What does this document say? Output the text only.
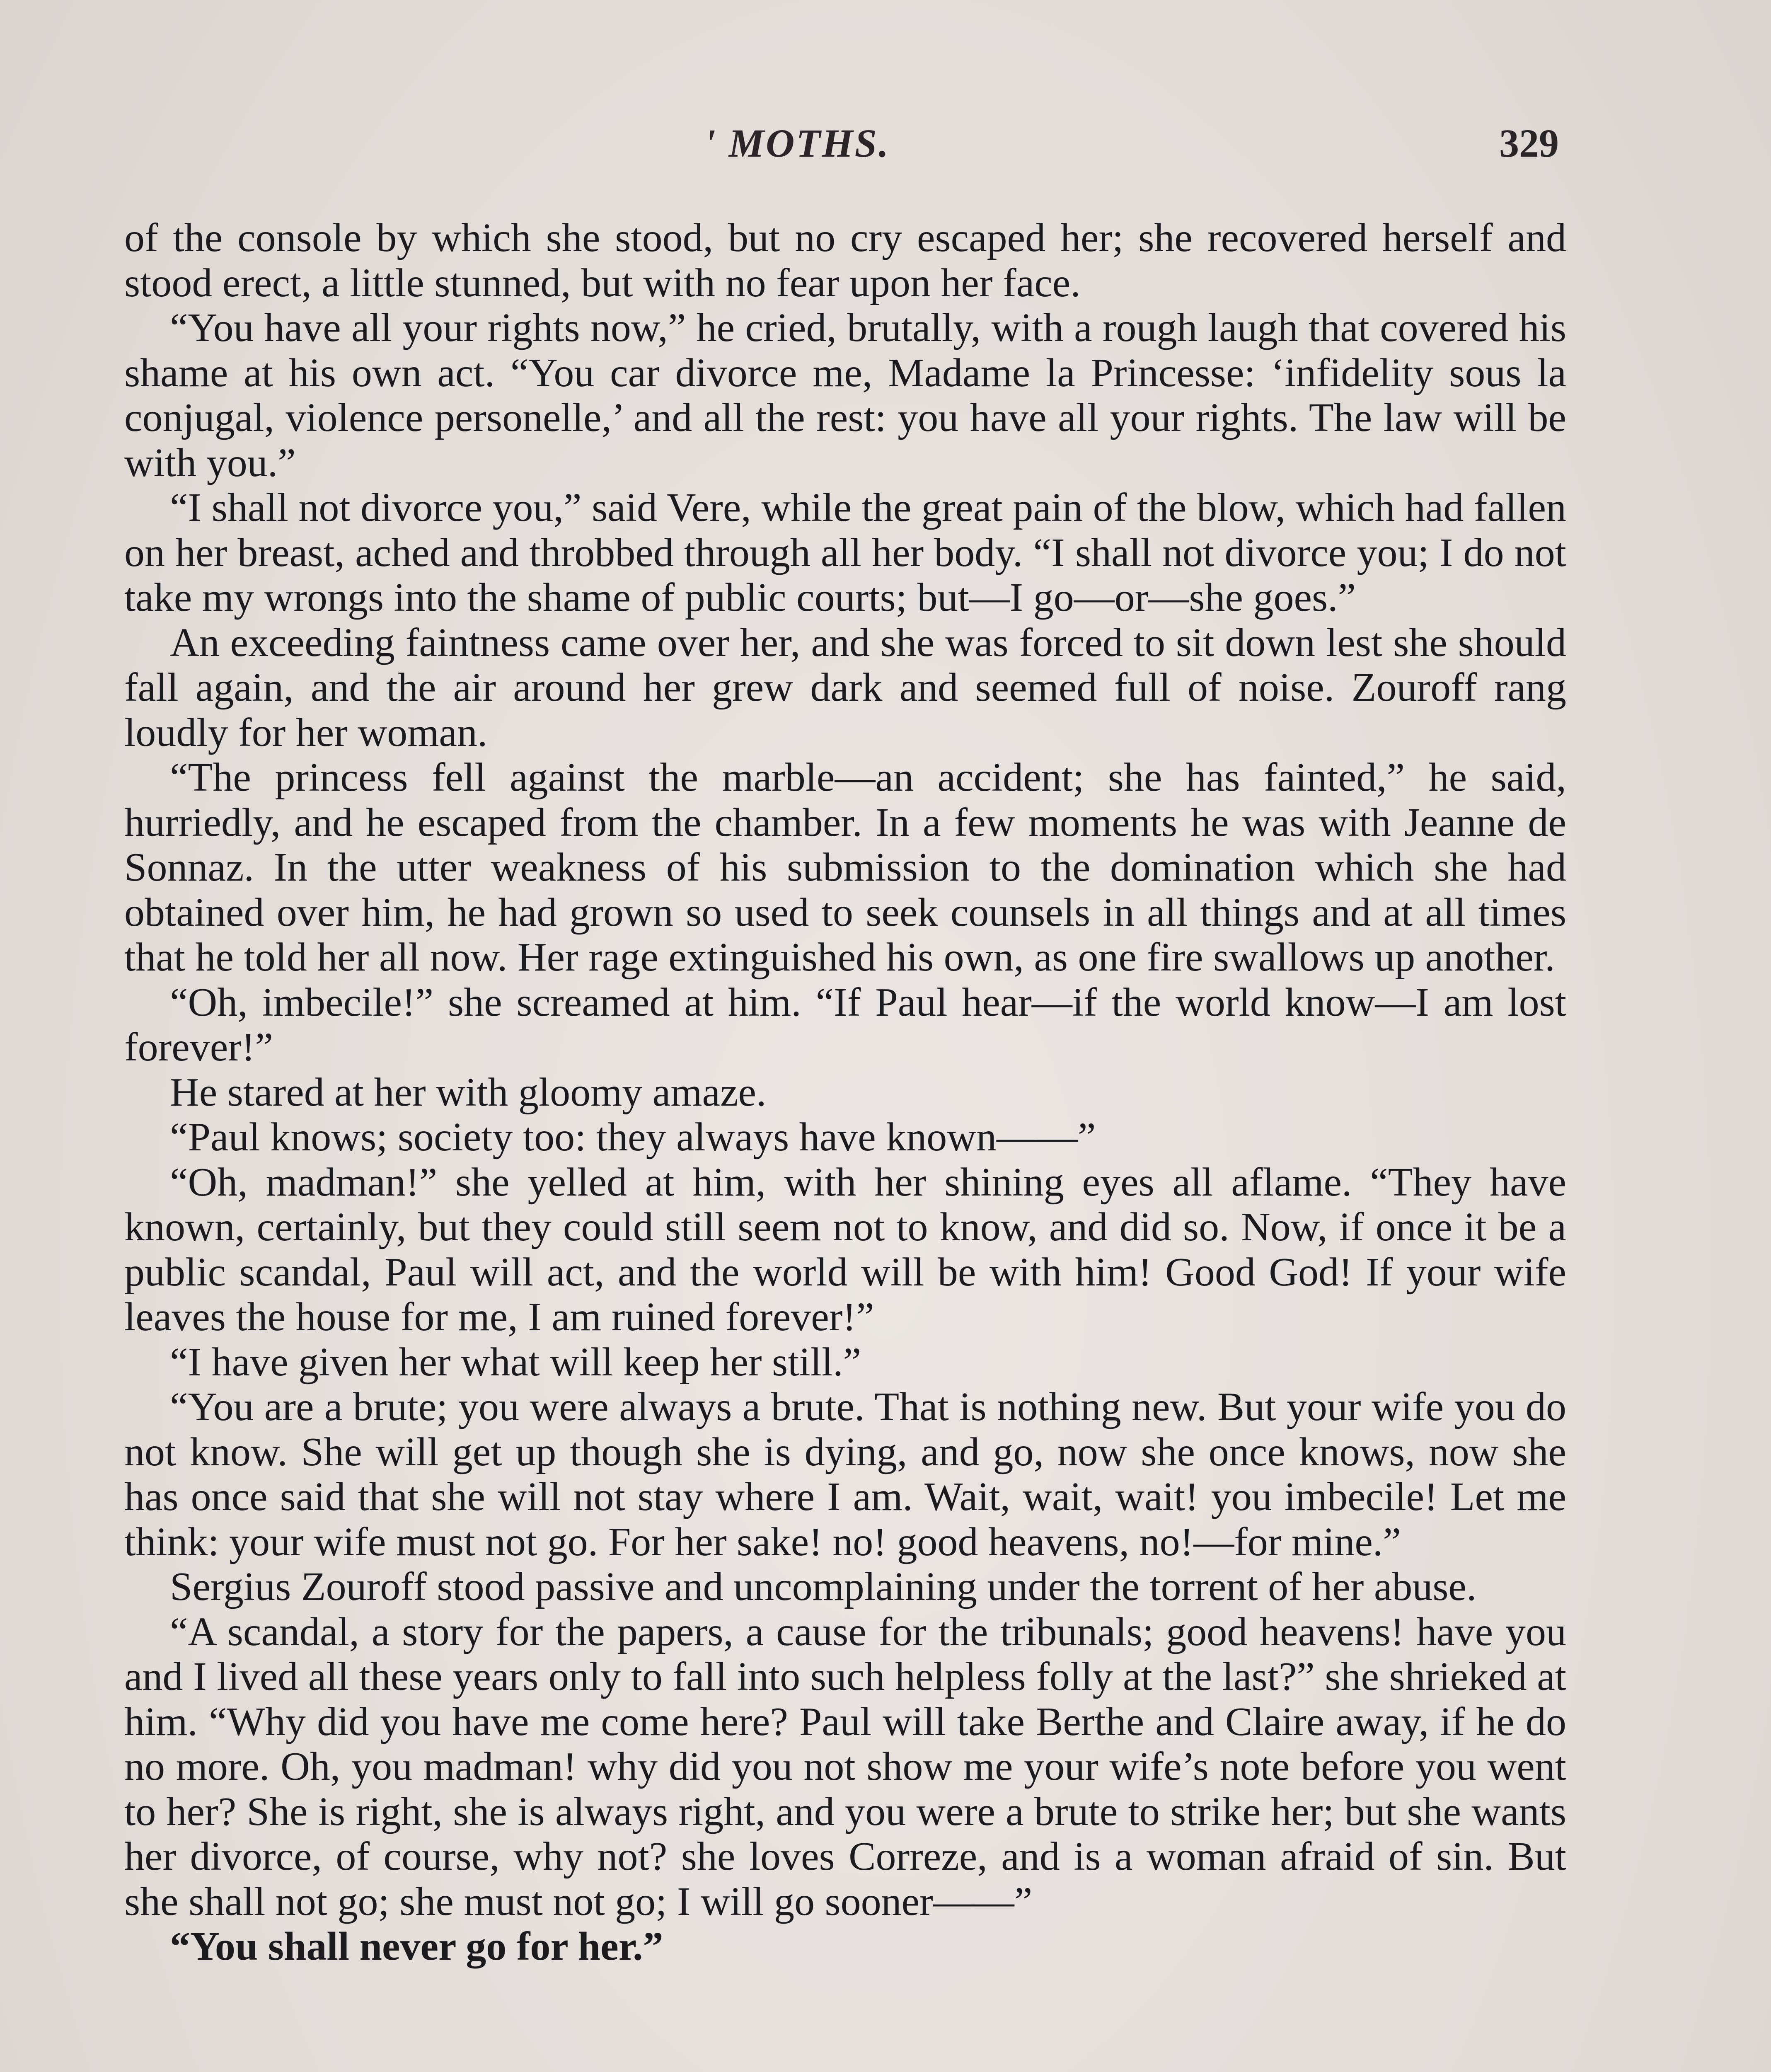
' MOTHS.	329

of the console by which she stood, but no cry escaped her; she recovered herself and stood erect, a little stunned, but with no fear upon her face.

“You have all your rights now,” he cried, brutally, with a rough laugh that covered his shame at his own act. “You car divorce me, Madame la Princesse: ‘infidelity sous la conjugal, violence personelle,’ and all the rest: you have all your rights. The law will be with you.”

“I shall not divorce you,” said Vere, while the great pain of the blow, which had fallen on her breast, ached and throbbed through all her body. “I shall not divorce you; I do not take my wrongs into the shame of public courts; but—I go—or—she goes.”

An exceeding faintness came over her, and she was forced to sit down lest she should fall again, and the air around her grew dark and seemed full of noise. Zouroff rang loudly for her woman.

“The princess fell against the marble—an accident; she has fainted,” he said, hurriedly, and he escaped from the chamber. In a few moments he was with Jeanne de Sonnaz. In the utter weakness of his submission to the domination which she had obtained over him, he had grown so used to seek counsels in all things and at all times that he told her all now. Her rage extinguished his own, as one fire swallows up another.

“Oh, imbecile!” she screamed at him. “If Paul hear—if the world know—I am lost forever!”

He stared at her with gloomy amaze.

“Paul knows; society too: they always have known——”

“Oh, madman!” she yelled at him, with her shining eyes all aflame. “They have known, certainly, but they could still seem not to know, and did so. Now, if once it be a public scandal, Paul will act, and the world will be with him! Good God! If your wife leaves the house for me, I am ruined forever!”

“I have given her what will keep her still.”

“You are a brute; you were always a brute. That is nothing new. But your wife you do not know. She will get up though she is dying, and go, now she once knows, now she has once said that she will not stay where I am. Wait, wait, wait! you imbecile! Let me think: your wife must not go. For her sake! no! good heavens, no!—for mine.”

Sergius Zouroff stood passive and uncomplaining under the torrent of her abuse.

“A scandal, a story for the papers, a cause for the tribunals; good heavens! have you and I lived all these years only to fall into such helpless folly at the last?” she shrieked at him. “Why did you have me come here? Paul will take Berthe and Claire away, if he do no more. Oh, you madman! why did you not show me your wife’s note before you went to her? She is right, she is always right, and you were a brute to strike her; but she wants her divorce, of course, why not? she loves Correze, and is a woman afraid of sin. But she shall not go; she must not go; I will go sooner——”

“You shall never go for her.”
